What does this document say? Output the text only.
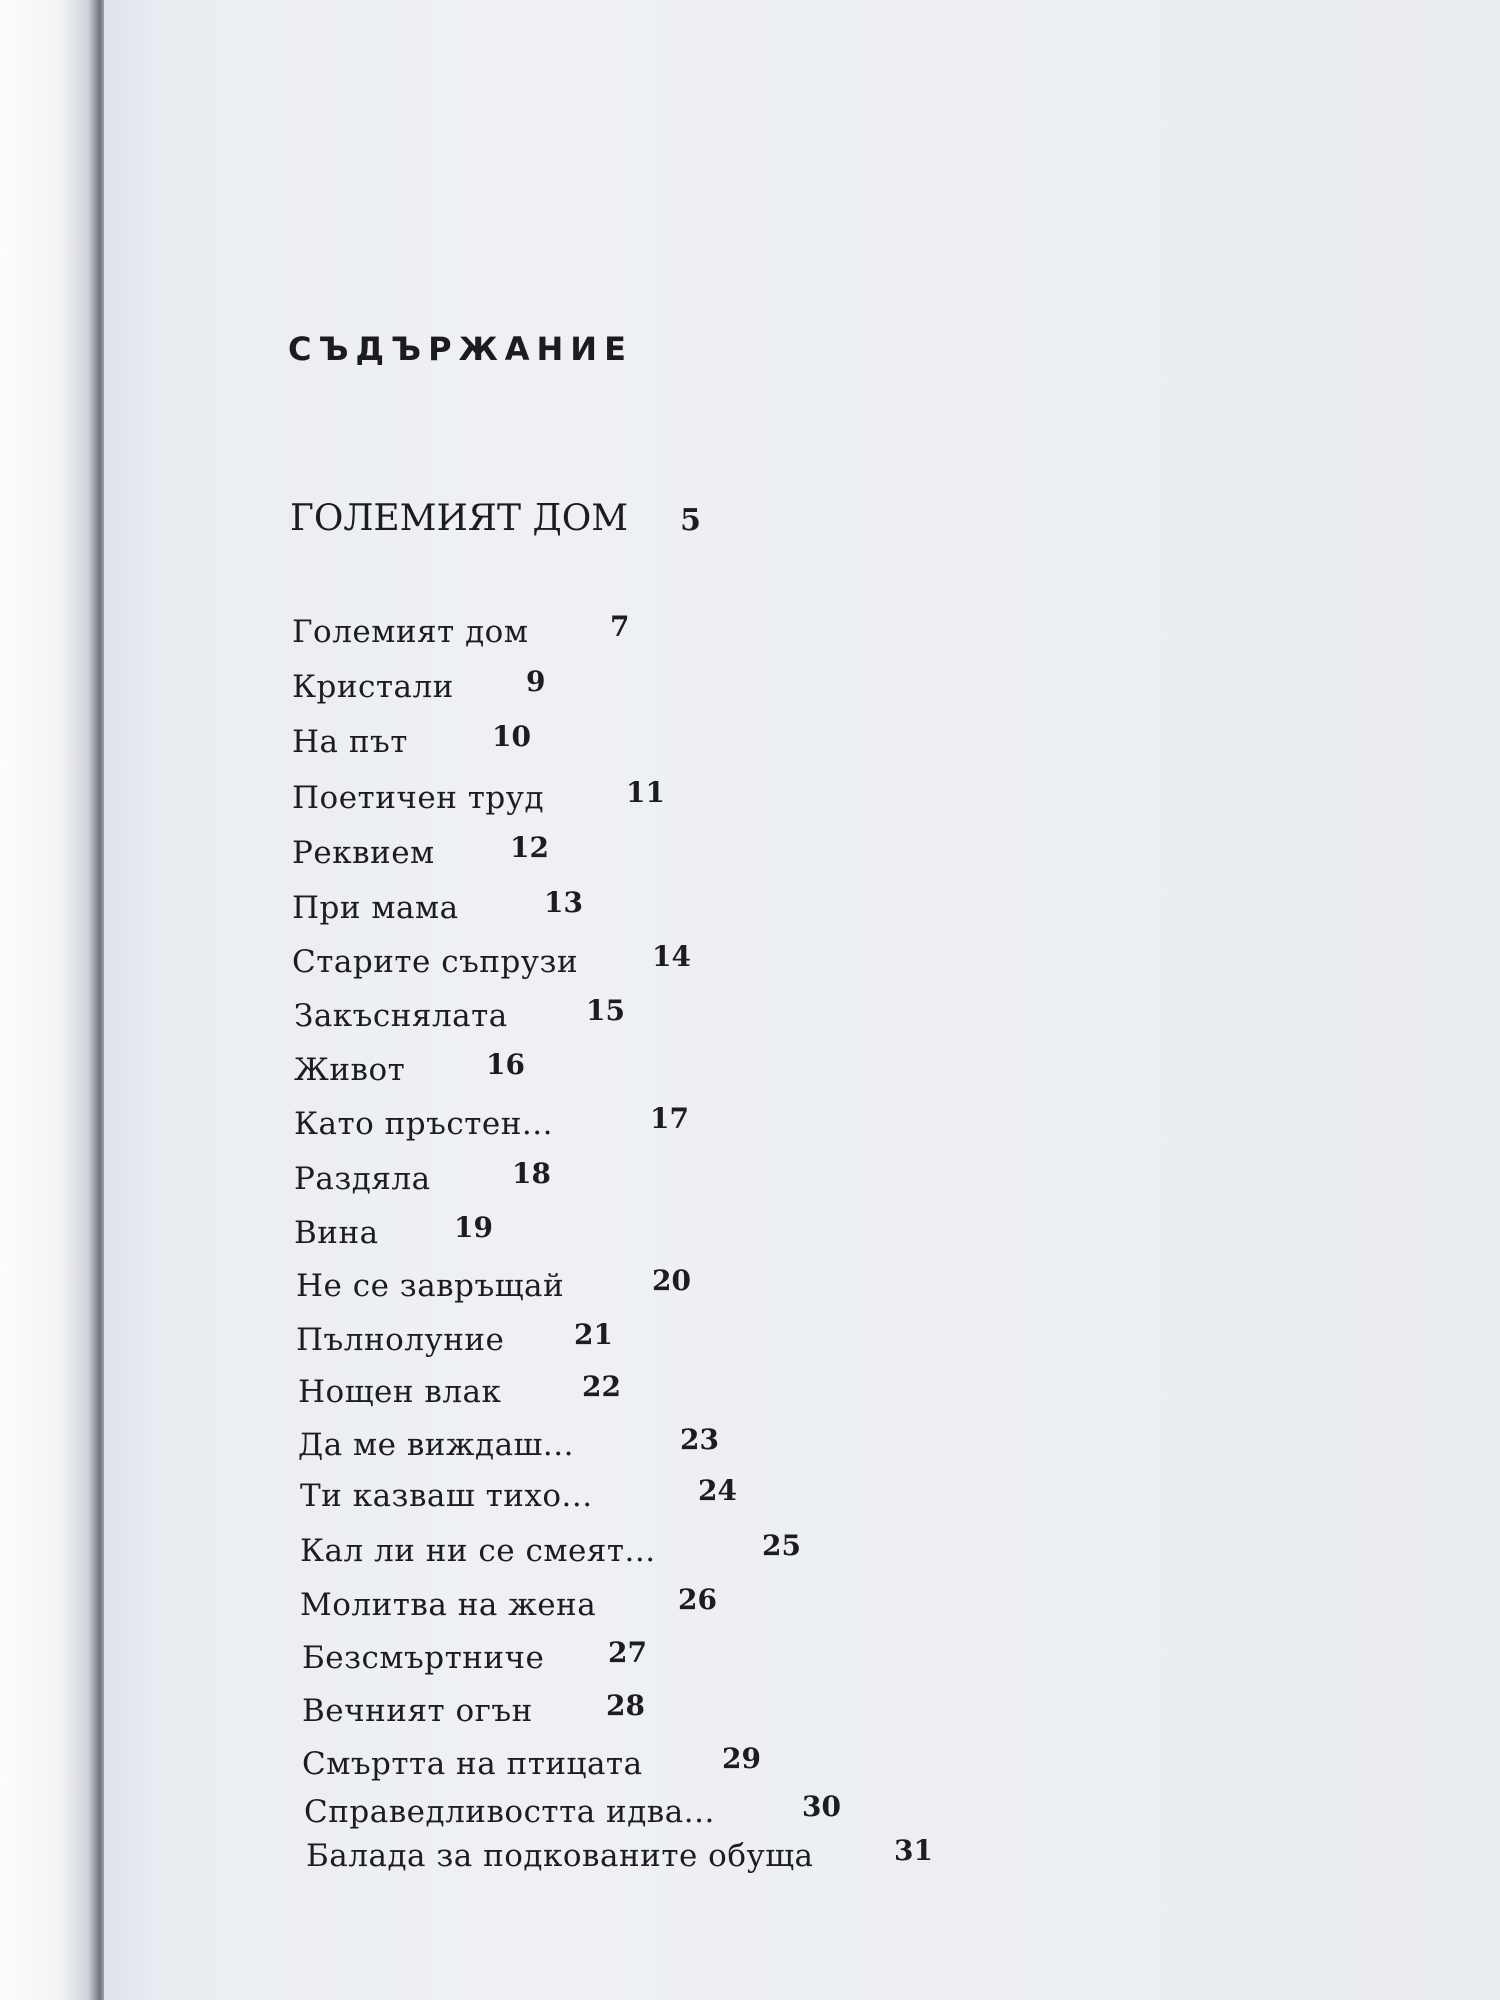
СЪДЪРЖАНИЕ
ГОЛЕМИЯТ ДОМ 5
Големият дом	7
Кристали	9
На път	10
Поетичен труд	11
Реквием	12
При мама	13
Старите съпрузи	14
Закъснялата	15
Живот	16
Като пръстен...	17
Раздяла	18
Вина	19
Не се завръщай	20
Пълнолуние 21
Нощен влак	22
Да ме виждаш...	23
Ти казваш тихо...	24
Кал ли ни се смеят...	25
Молитва на жена	26
Безсмъртниче 27
Вечният огън	28
Смъртта на птицата	29
Справедливостта идва...	30
Балада за подкованите обуща	31
